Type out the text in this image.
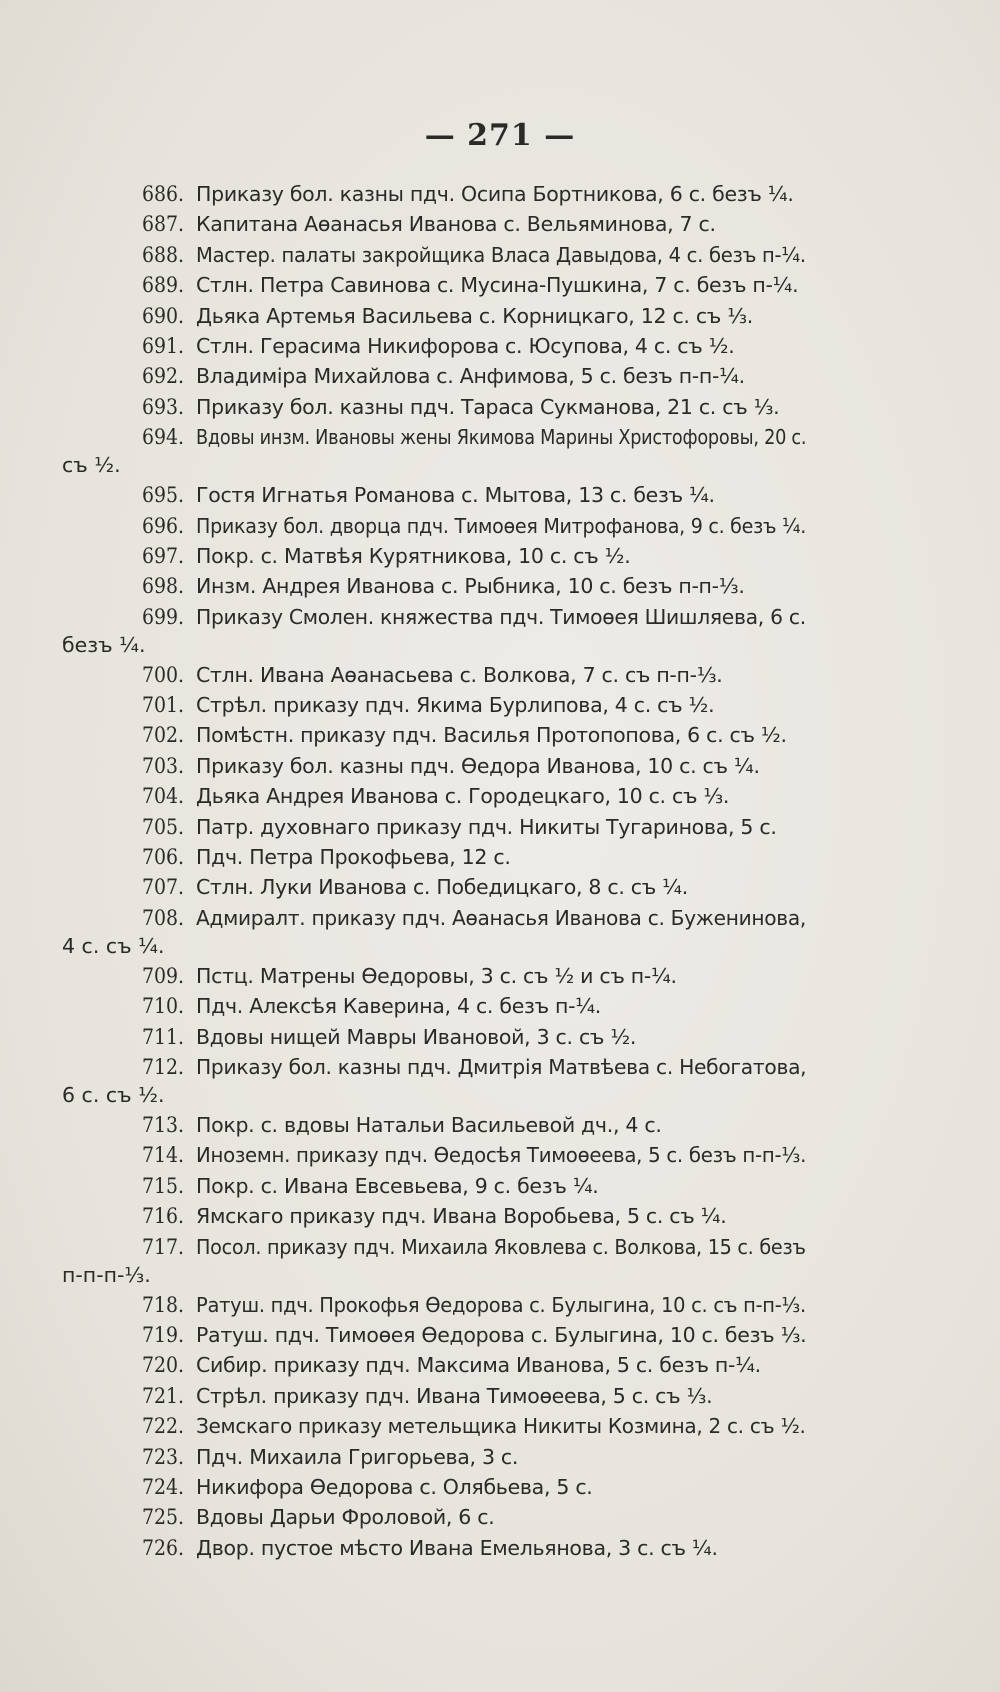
— 271 —
686. Приказу бол. казны пдч. Осипа Бортникова, 6 с. безъ ¼.
687. Капитана Аѳанасья Иванова с. Вельяминова, 7 с.
688. Мастер. палаты закройщика Власа Давыдова, 4 с. безъ п-¼.
689. Стлн. Петра Савинова с. Мусина-Пушкина, 7 с. безъ п-¼.
690. Дьяка Артемья Васильева с. Корницкаго, 12 с. съ ⅓.
691. Стлн. Герасима Никифорова с. Юсупова, 4 с. съ ½.
692. Владиміра Михайлова с. Анфимова, 5 с. безъ п-п-¼.
693. Приказу бол. казны пдч. Тараса Сукманова, 21 с. съ ⅓.
694. Вдовы инзм. Ивановы жены Якимова Марины Христофоровы, 20 с.
съ ½.
695. Гостя Игнатья Романова с. Мытова, 13 с. безъ ¼.
696. Приказу бол. дворца пдч. Тимоѳея Митрофанова, 9 с. безъ ¼.
697. Покр. с. Матвѣя Курятникова, 10 с. съ ½.
698. Инзм. Андрея Иванова с. Рыбника, 10 с. безъ п-п-⅓.
699. Приказу Смолен. княжества пдч. Тимоѳея Шишляева, 6 с.
безъ ¼.
700. Стлн. Ивана Аѳанасьева с. Волкова, 7 с. съ п-п-⅓.
701. Стрѣл. приказу пдч. Якима Бурлипова, 4 с. съ ½.
702. Помѣстн. приказу пдч. Василья Протопопова, 6 с. съ ½.
703. Приказу бол. казны пдч. Ѳедора Иванова, 10 с. съ ¼.
704. Дьяка Андрея Иванова с. Городецкаго, 10 с. съ ⅓.
705. Патр. духовнаго приказу пдч. Никиты Тугаринова, 5 с.
706. Пдч. Петра Прокофьева, 12 с.
707. Стлн. Луки Иванова с. Победицкаго, 8 с. съ ¼.
708. Адмиралт. приказу пдч. Аѳанасья Иванова с. Буженинова,
4 с. съ ¼.
709. Пстц. Матрены Ѳедоровы, 3 с. съ ½ и съ п-¼.
710. Пдч. Алексѣя Каверина, 4 с. безъ п-¼.
711. Вдовы нищей Мавры Ивановой, 3 с. съ ½.
712. Приказу бол. казны пдч. Дмитрія Матвѣева с. Небогатова,
6 с. съ ½.
713. Покр. с. вдовы Натальи Васильевой дч., 4 с.
714. Иноземн. приказу пдч. Ѳедосѣя Тимоѳеева, 5 с. безъ п-п-⅓.
715. Покр. с. Ивана Евсевьева, 9 с. безъ ¼.
716. Ямскаго приказу пдч. Ивана Воробьева, 5 с. съ ¼.
717. Посол. приказу пдч. Михаила Яковлева с. Волкова, 15 с. безъ
п-п-п-⅓.
718. Ратуш. пдч. Прокофья Ѳедорова с. Булыгина, 10 с. съ п-п-⅓.
719. Ратуш. пдч. Тимоѳея Ѳедорова с. Булыгина, 10 с. безъ ⅓.
720. Сибир. приказу пдч. Максима Иванова, 5 с. безъ п-¼.
721. Стрѣл. приказу пдч. Ивана Тимоѳеева, 5 с. съ ⅓.
722. Земскаго приказу метельщика Никиты Козмина, 2 с. съ ½.
723. Пдч. Михаила Григорьева, 3 с.
724. Никифора Ѳедорова с. Олябьева, 5 с.
725. Вдовы Дарьи Фроловой, 6 с.
726. Двор. пустое мѣсто Ивана Емельянова, 3 с. съ ¼.
